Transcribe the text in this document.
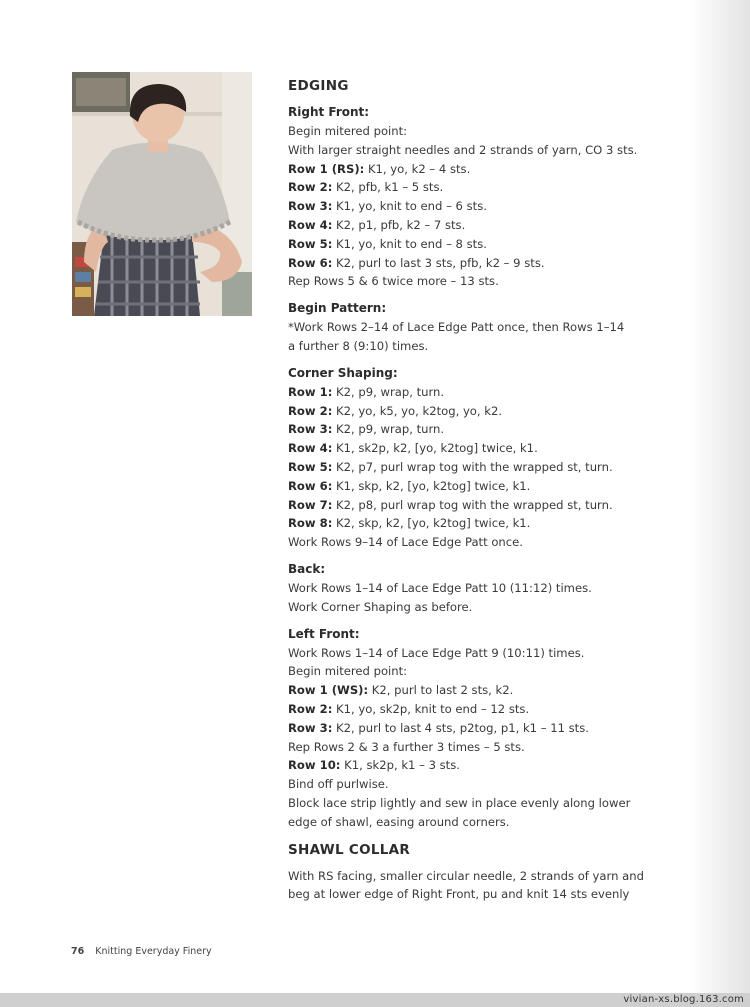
EDGING
Right Front:
Begin mitered point:
With larger straight needles and 2 strands of yarn, CO 3 sts.
Row 1 (RS): K1, yo, k2 – 4 sts.
Row 2: K2, pfb, k1 – 5 sts.
Row 3: K1, yo, knit to end – 6 sts.
Row 4: K2, p1, pfb, k2 – 7 sts.
Row 5: K1, yo, knit to end – 8 sts.
Row 6: K2, purl to last 3 sts, pfb, k2 – 9 sts.
Rep Rows 5 & 6 twice more – 13 sts.
Begin Pattern:
*Work Rows 2–14 of Lace Edge Patt once, then Rows 1–14
a further 8 (9:10) times.
Corner Shaping:
Row 1: K2, p9, wrap, turn.
Row 2: K2, yo, k5, yo, k2tog, yo, k2.
Row 3: K2, p9, wrap, turn.
Row 4: K1, sk2p, k2, [yo, k2tog] twice, k1.
Row 5: K2, p7, purl wrap tog with the wrapped st, turn.
Row 6: K1, skp, k2, [yo, k2tog] twice, k1.
Row 7: K2, p8, purl wrap tog with the wrapped st, turn.
Row 8: K2, skp, k2, [yo, k2tog] twice, k1.
Work Rows 9–14 of Lace Edge Patt once.
Back:
Work Rows 1–14 of Lace Edge Patt 10 (11:12) times.
Work Corner Shaping as before.
Left Front:
Work Rows 1–14 of Lace Edge Patt 9 (10:11) times.
Begin mitered point:
Row 1 (WS): K2, purl to last 2 sts, k2.
Row 2: K1, yo, sk2p, knit to end – 12 sts.
Row 3: K2, purl to last 4 sts, p2tog, p1, k1 – 11 sts.
Rep Rows 2 & 3 a further 3 times – 5 sts.
Row 10: K1, sk2p, k1 – 3 sts.
Bind off purlwise.
Block lace strip lightly and sew in place evenly along lower
edge of shawl, easing around corners.
SHAWL COLLAR
With RS facing, smaller circular needle, 2 strands of yarn and
beg at lower edge of Right Front, pu and knit 14 sts evenly
76 Knitting Everyday Finery
vivian-xs.blog.163.com
